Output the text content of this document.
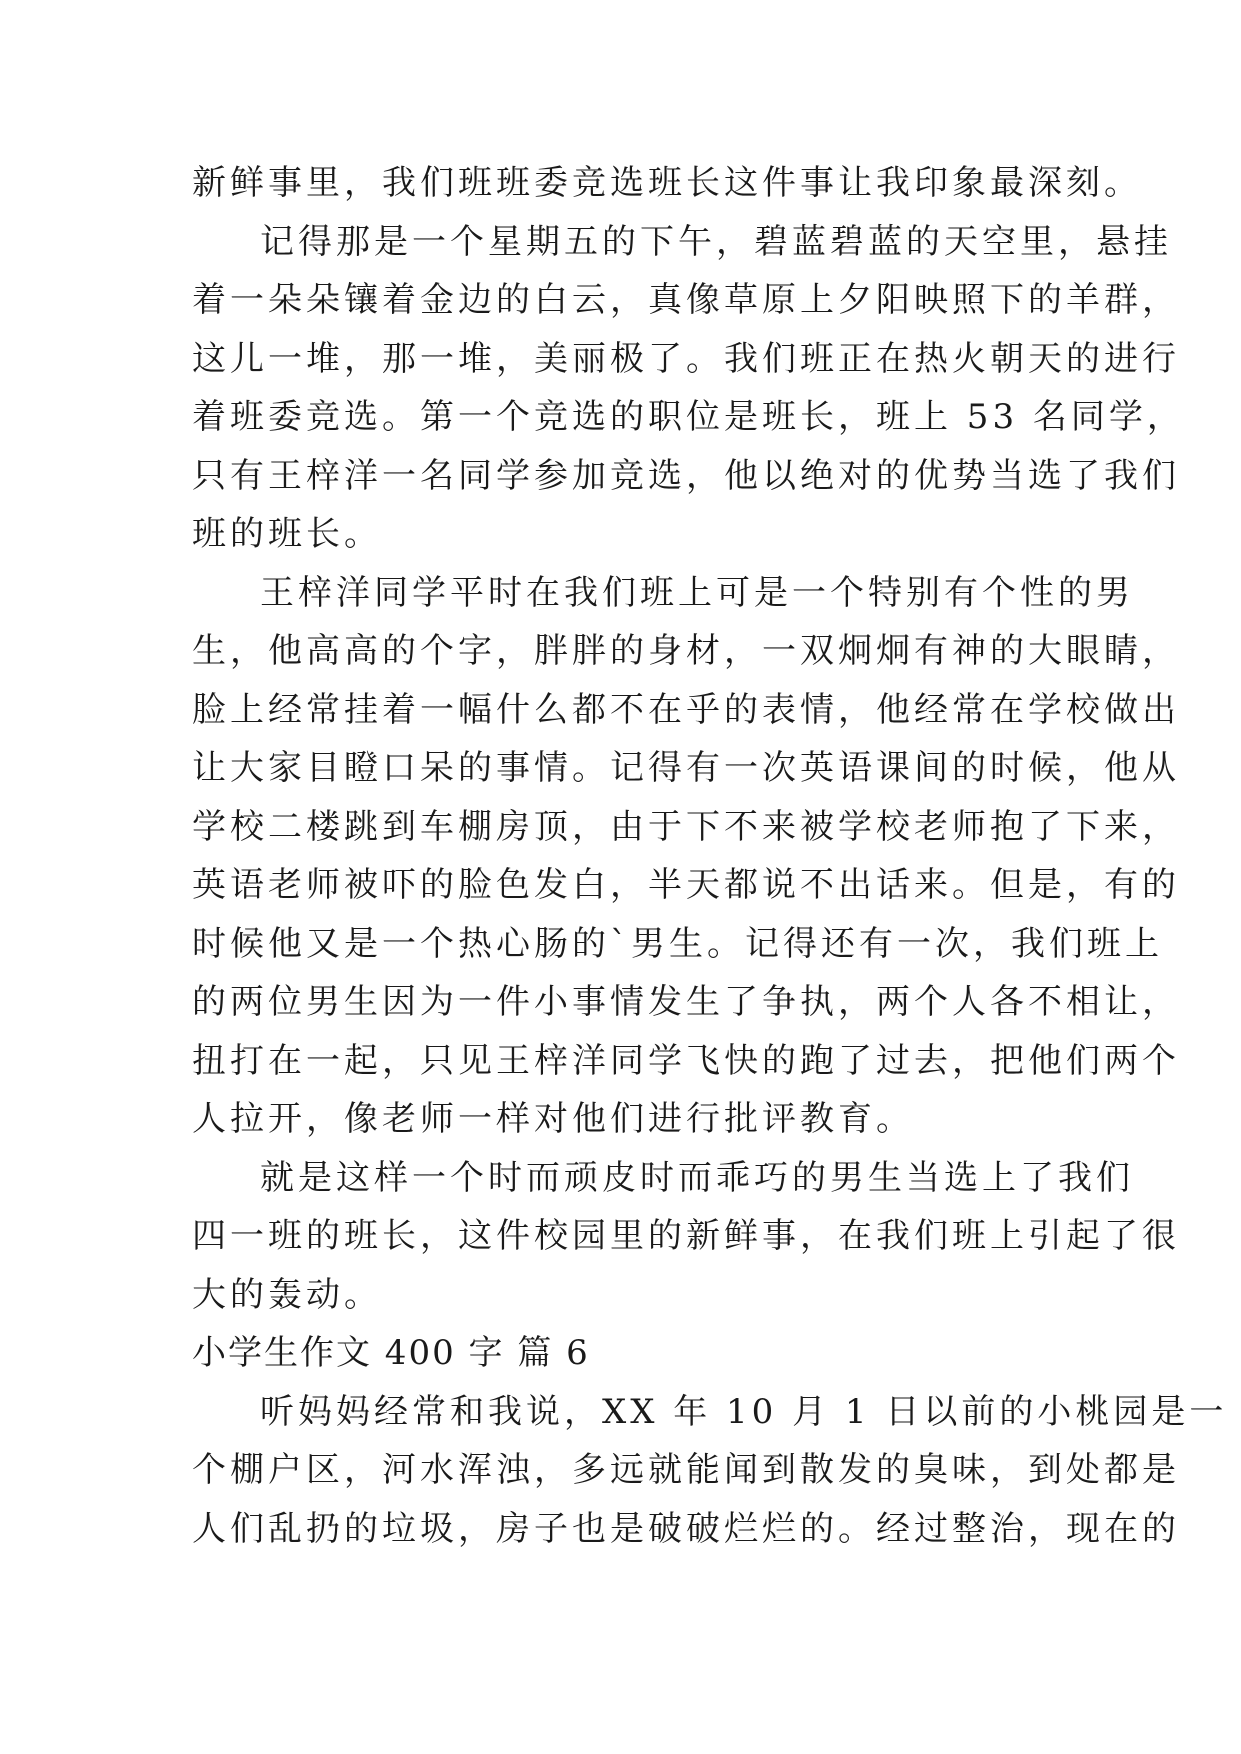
新鲜事里，我们班班委竞选班长这件事让我印象最深刻。
记得那是一个星期五的下午，碧蓝碧蓝的天空里，悬挂
着一朵朵镶着金边的白云，真像草原上夕阳映照下的羊群，
这儿一堆，那一堆，美丽极了。我们班正在热火朝天的进行
着班委竞选。第一个竞选的职位是班长，班上 53 名同学，
只有王梓洋一名同学参加竞选，他以绝对的优势当选了我们
班的班长。
王梓洋同学平时在我们班上可是一个特别有个性的男
生，他高高的个字，胖胖的身材，一双炯炯有神的大眼睛，
脸上经常挂着一幅什么都不在乎的表情，他经常在学校做出
让大家目瞪口呆的事情。记得有一次英语课间的时候，他从
学校二楼跳到车棚房顶，由于下不来被学校老师抱了下来，
英语老师被吓的脸色发白，半天都说不出话来。但是，有的
时候他又是一个热心肠的`男生。记得还有一次，我们班上
的两位男生因为一件小事情发生了争执，两个人各不相让，
扭打在一起，只见王梓洋同学飞快的跑了过去，把他们两个
人拉开，像老师一样对他们进行批评教育。
就是这样一个时而顽皮时而乖巧的男生当选上了我们
四一班的班长，这件校园里的新鲜事，在我们班上引起了很
大的轰动。
小学生作文 400 字 篇 6
听妈妈经常和我说，XX 年 10 月 1 日以前的小桃园是一
个棚户区，河水浑浊，多远就能闻到散发的臭味，到处都是
人们乱扔的垃圾，房子也是破破烂烂的。经过整治，现在的
